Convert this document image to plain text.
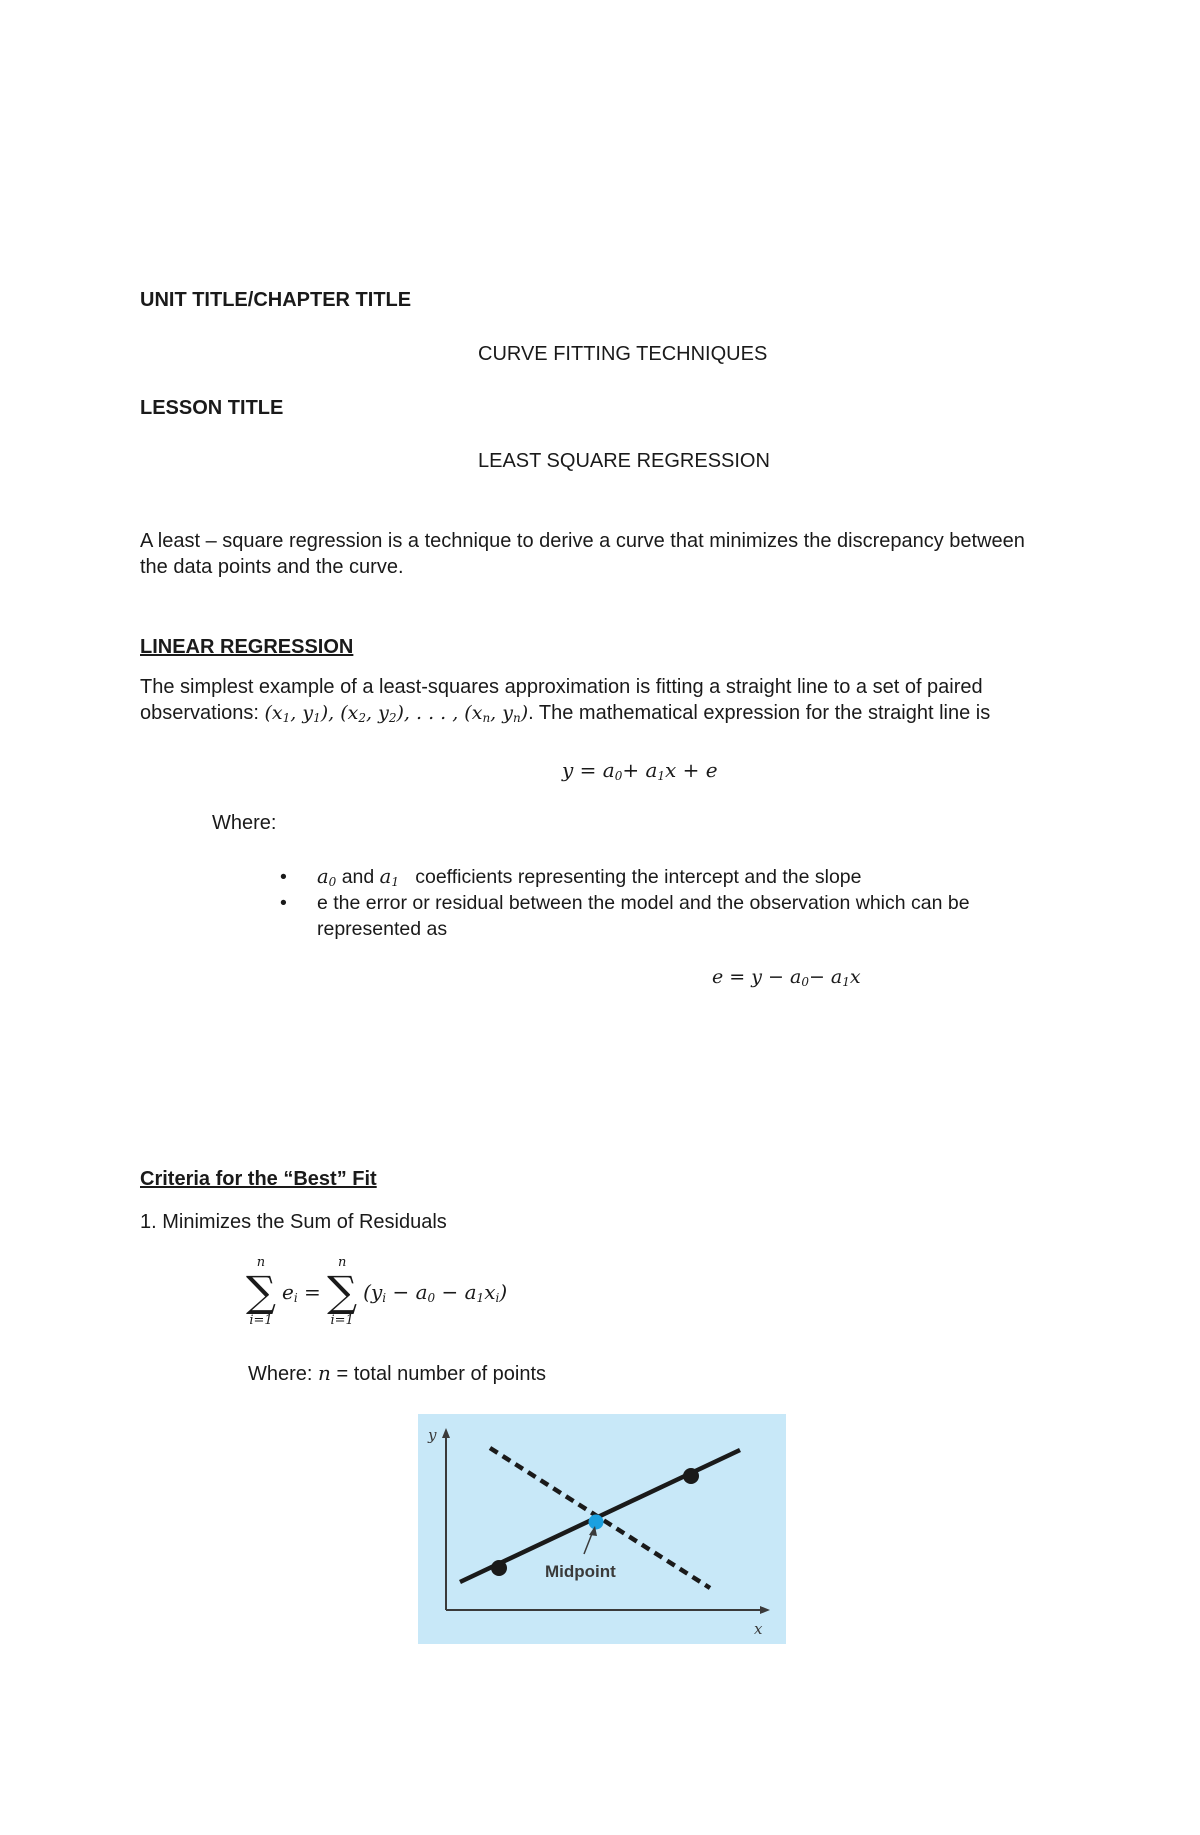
UNIT TITLE/CHAPTER TITLE
CURVE FITTING TECHNIQUES
LESSON TITLE
LEAST SQUARE REGRESSION
A least – square regression is a technique to derive a curve that minimizes the discrepancy between
the data points and the curve.
LINEAR REGRESSION
The simplest example of a least-squares approximation is fitting a straight line to a set of paired
observations: ($x_1$, $y_1$), ($x_2$, $y_2$), . . . , ($x_n$, $y_n$). The mathematical expression for the straight line is
$y = a_0+ a_1x + e$
Where:
• $a_0$ and $a_1$ coefficients representing the intercept and the slope
• e the error or residual between the model and the observation which can be
represented as
$e = y - a_0- a_1x$
Criteria for the “Best” Fit
1. Minimizes the Sum of Residuals
n
∑
i=1
$e_i$ =
n
∑
i=1
$(y_i - a_0 - a_1x_i)$
Where: n = total number of points
y
x
Midpoint
